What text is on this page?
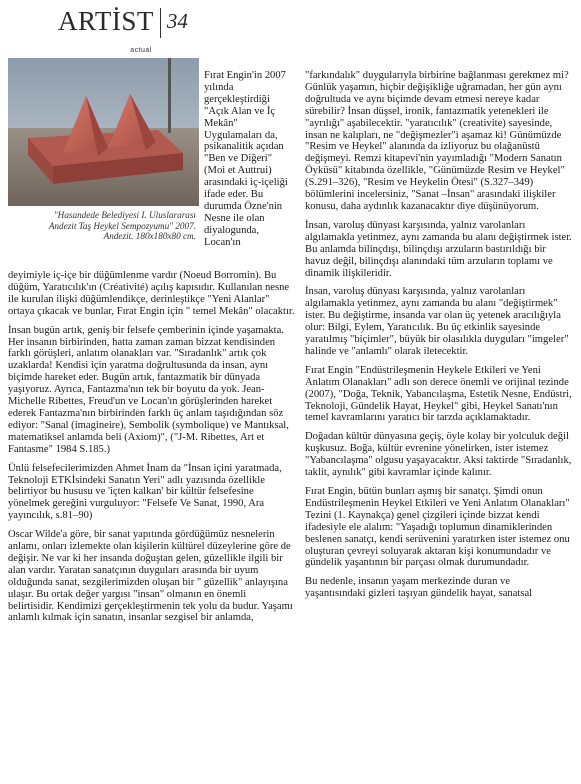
ARTİST
actual
34
"Hasandede Belediyesi I. Uluslararası
Andezit Taş Heykel Sempozyumu" 2007.
Andezit. 180x180x80 cm.

Fırat Engin'in 2007 yılında gerçekleştirdiği "Açık Alan ve İç Mekân" Uygulamaları da, psikanalitik açıdan "Ben ve Diğeri" (Moi et Auttrui) arasındaki iç-içeliği ifade eder. Bu durumda Özne'nin Nesne ile olan diyalogunda, Locan'ın

deyimiyle iç-içe bir düğümlenme vardır (Noeud Borromin). Bu düğüm, Yaratıcılık'ın (Créativité) açılış kapısıdır. Kullanılan nesne ile kurulan ilişki düğümlendikçe, derinleştikçe "Yeni Alanlar" ortaya çıkacak ve bunlar, Fırat Engin için " temel Mekân" olacaktır.

İnsan bugün artık, geniş bir felsefe çemberinin içinde yaşamakta. Her insanın birbirinden, hatta zaman zaman bizzat kendisinden farklı görüşleri, anlatım olanakları var. "Sıradanlık" artık çok uzaklarda! Kendisi için yaratma doğrultusunda da insan, aynı biçimde hareket eder. Bugün artık, fantazmatik bir dünyada yaşıyoruz. Ayrıca, Fantazma'nın tek bir boyutu da yok. Jean-Michelle Ribettes, Freud'un ve Locan'ın görüşlerinden hareket ederek Fantazma'nın birbirinden farklı üç anlam taşıdığından söz ediyor: "Sanal (imagineire), Sembolik (symbolique) ve Mantıksal, matematiksel anlamda beli (Axiom)", ("J-M. Ribettes, Art et Fantasme" 1984 S.185.)

Ünlü felsefecilerimizden Ahmet İnam da "İnsan içini yaratmada, Teknoloji ETKİsindeki Sanatın Yeri" adlı yazısında özellikle belirtiyor bu hususu ve 'içten kalkan' bir kültür felsefesine yönelmek gereğini vurguluyor: "Felsefe Ve Sanat, 1990, Ara yayıncılık, s.81–90)

Oscar Wilde'a göre, bir sanat yapıtında gördüğümüz nesnelerin anlamı, onları izlemekte olan kişilerin kültürel düzeylerine göre de değişir. Ne var ki her insanda doğuştan gelen, güzellikle ilgili bir alan vardır. Yaratan sanatçının duyguları arasında bir uyum olduğunda sanat, sezgilerimizden oluşan bir " güzellik" anlayışına ulaşır. Bu ortak değer yargısı "insan" olmanın en önemli belirtisidir. Kendimizi gerçekleştirmenin tek yolu da budur. Yaşamı anlamlı kılmak için sanatın, insanlar sezgisel bir anlamda,

"farkındalık" duygularıyla birbirine bağlanması gerekmez mi? Günlük yaşamın, hiçbir değişikliğe uğramadan, her gün aynı doğrultuda ve aynı biçimde devam etmesi nereye kadar sürebilir? İnsan düşsel, ironik, fantazmatik yetenekleri ile "ayrılığı" aşabilecektir. "yaratıcılık" (creativite) sayesinde, insan ne kalıpları, ne "değişmezler"i aşamaz ki! Günümüzde "Resim ve Heykel" alanında da izliyoruz bu olağanüstü değişmeyi. Remzi kitapevi'nin yayımladığı "Modern Sanatın Öyküsü" kitabında özellikle, "Günümüzde Resim ve Heykel" (S.291–326), "Resim ve Heykelin Ötesi" (S.327–349) bölümlerini incelersiniz, "Sanat –İnsan" arasındaki ilişkiler konusu, daha aydınlık kazanacaktır diye düşünüyorum.

İnsan, varoluş dünyası karşısında, yalnız varolanları algılamakla yetinmez, aynı zamanda bu alanı değiştirmek ister. Bu anlamda bilinçdışı, bilinçdışı arzuların bastırıldığı bir havuz değil, bilinçdışı alanındaki tüm arzuların toplamı ve dinamik ilişkileridir.

İnsan, varoluş dünyası karşısında, yalnız varolanları algılamakla yetinmez, aynı zamanda bu alanı "değiştirmek" ister. Bu değiştirme, insanda var olan üç yetenek aracılığıyla olur: Bilgi, Eylem, Yaratıcılık. Bu üç etkinlik sayesinde yaratılmış "biçimler", büyük bir olasılıkla duyguları "imgeler" halinde ve "anlamlı" olarak iletecektir.

Fırat Engin "Endüstrileşmenin Heykele Etkileri ve Yeni Anlatım Olanakları" adlı son derece önemli ve orijinal tezinde (2007), "Doğa, Teknik, Yabancılaşma, Estetik Nesne, Endüstri, Teknoloji, Gündelik Hayat, Heykel" gibi, Heykel Sanatı'nın temel kavramlarını yaratıcı bir tarzda açıklamaktadır.

Doğadan kültür dünyasına geçiş, öyle kolay bir yolculuk değil kuşkusuz. Boğa, kültür evrenine yönelirken, ister istemez "Yabancılaşma" olgusu yaşayacaktır. Aksi taktirde "Sıradanlık, taklit, aynılık" gibi kavramlar içinde kalınır.

Fırat Engin, bütün bunları aşmış bir sanatçı. Şimdi onun Endüstrileşmenin Heykel Etkileri ve Yeni Anlatım Olanakları" Tezini (1. Kaynakça) genel çizgileri içinde bizzat kendi ifadesiyle ele alalım: "Yaşadığı toplumun dinamiklerinden beslenen sanatçı, kendi serüvenini yaratırken ister istemez onu oluşturan çevreyi soluyarak aktaran kişi konumundadır ve gündelik yaşantının bir parçası olmak durumundadır.

Bu nedenle, insanın yaşam merkezinde duran ve yaşantısındaki gizleri taşıyan gündelik hayat, sanatsal
